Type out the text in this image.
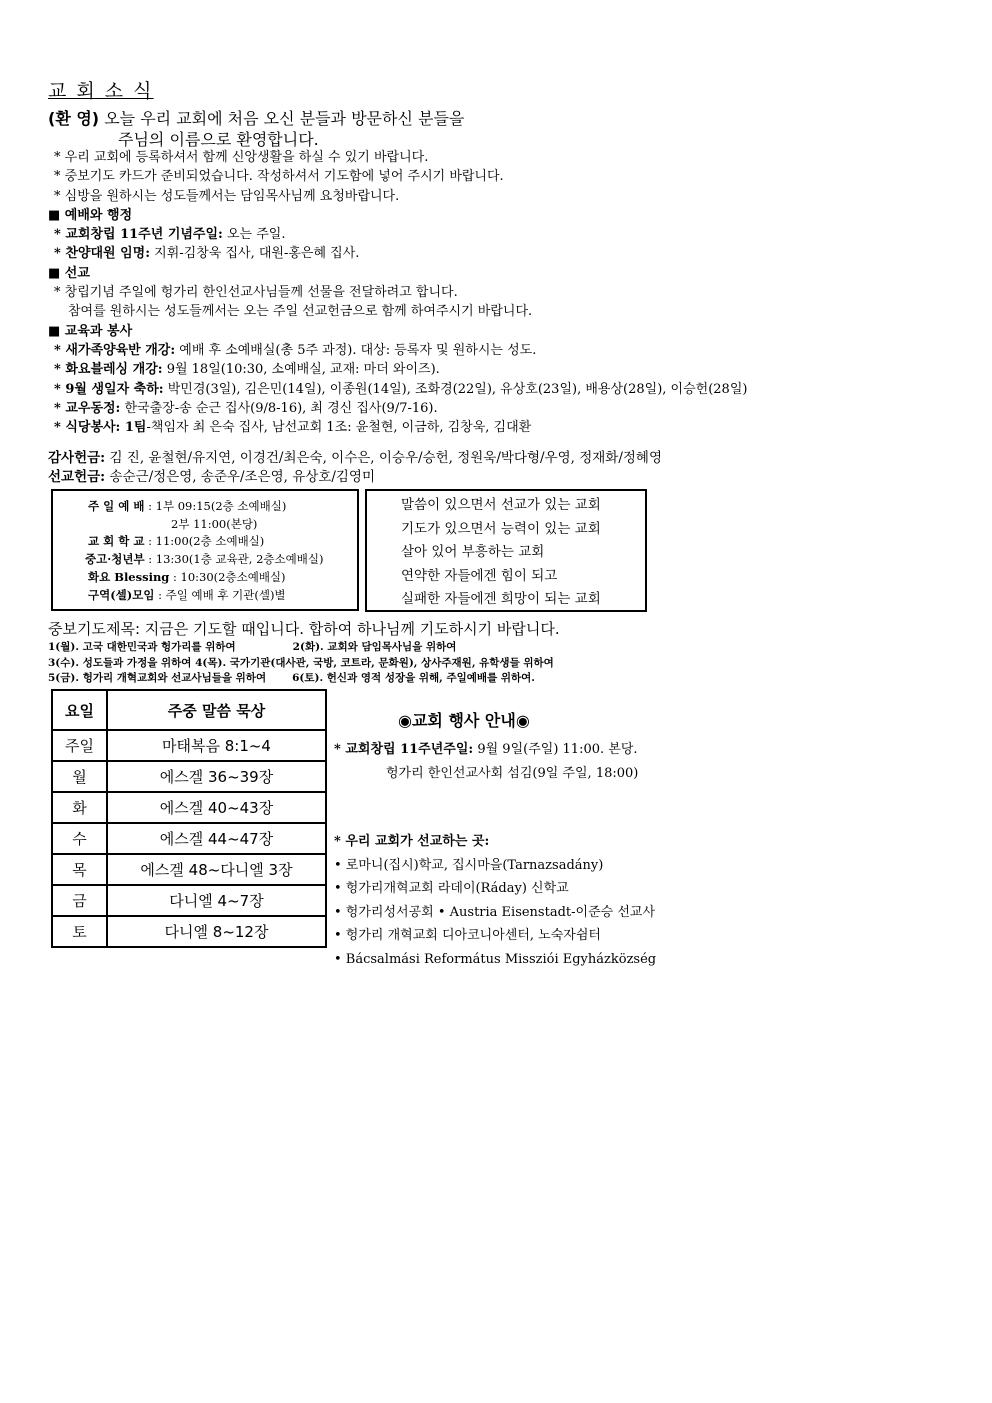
교 회 소 식
(환 영) 오늘 우리 교회에 처음 오신 분들과 방문하신 분들을
주님의 이름으로 환영합니다.
* 우리 교회에 등록하셔서 함께 신앙생활을 하실 수 있기 바랍니다.
* 중보기도 카드가 준비되었습니다. 작성하셔서 기도함에 넣어 주시기 바랍니다.
* 심방을 원하시는 성도들께서는 담임목사님께 요청바랍니다.
■ 예배와 행정
* 교회창립 11주년 기념주일: 오는 주일.
* 찬양대원 임명: 지휘-김창욱 집사, 대원-홍은혜 집사.
■ 선교
* 창립기념 주일에 헝가리 한인선교사님들께 선물을 전달하려고 합니다.
참여를 원하시는 성도들께서는 오는 주일 선교헌금으로 함께 하여주시기 바랍니다.
■ 교육과 봉사
* 새가족양육반 개강: 예배 후 소예배실(총 5주 과정). 대상: 등록자 및 원하시는 성도.
* 화요블레싱 개강: 9월 18일(10:30, 소예배실, 교재: 마더 와이즈).
* 9월 생일자 축하: 박민경(3일), 김은민(14일), 이종원(14일), 조화경(22일), 유상호(23일), 배용상(28일), 이승헌(28일)
* 교우동정: 한국출장-송 순근 집사(9/8-16), 최 경신 집사(9/7-16).
* 식당봉사: 1팀-책임자 최 은숙 집사, 남선교회 1조: 윤철현, 이금하, 김창욱, 김대환
감사헌금: 김 진, 윤철현/유지연, 이경건/최은숙, 이수은, 이승우/승헌, 정원욱/박다형/우영, 정재화/정혜영
선교헌금: 송순근/정은영, 송준우/조은영, 유상호/김영미
주 일 예 배 : 1부 09:15(2층 소예배실)
2부 11:00(본당)
교 회 학 교 : 11:00(2층 소예배실)
중고·청년부 : 13:30(1층 교육관, 2층소예배실)
화요 Blessing : 10:30(2층소예배실)
구역(셀)모임 : 주일 예배 후 기관(셀)별
말씀이 있으면서 선교가 있는 교회
기도가 있으면서 능력이 있는 교회
살아 있어 부흥하는 교회
연약한 자들에겐 힘이 되고
실패한 자들에겐 희망이 되는 교회
중보기도제목: 지금은 기도할 때입니다. 합하여 하나님께 기도하시기 바랍니다.
1(월). 고국 대한민국과 헝가리를 위하여	2(화). 교회와 담임목사님을 위하여
3(수). 성도들과 가정을 위하여 4(목). 국가기관(대사관, 국방, 코트라, 문화원), 상사주재원, 유학생들 위하여
5(금). 헝가리 개혁교회와 선교사님들을 위하여 6(토). 헌신과 영적 성장을 위해, 주일예배를 위하여.
요일	주중 말씀 묵상
주일	마태복음 8:1~4
월	에스겔 36~39장
화	에스겔 40~43장
수	에스겔 44~47장
목	에스겔 48~다니엘 3장
금	다니엘 4~7장
토	다니엘 8~12장
◉교회 행사 안내◉
* 교회창립 11주년주일: 9월 9일(주일) 11:00. 본당.
헝가리 한인선교사회 섬김(9일 주일, 18:00)
* 우리 교회가 선교하는 곳:
• 로마니(집시)학교, 집시마을(Tarnazsadány)
• 헝가리개혁교회 라데이(Ráday) 신학교
• 헝가리성서공회 • Austria Eisenstadt-이준승 선교사
• 헝가리 개혁교회 디아코니아센터, 노숙자쉼터
• Bácsalmási Református Missziói Egyházközség
